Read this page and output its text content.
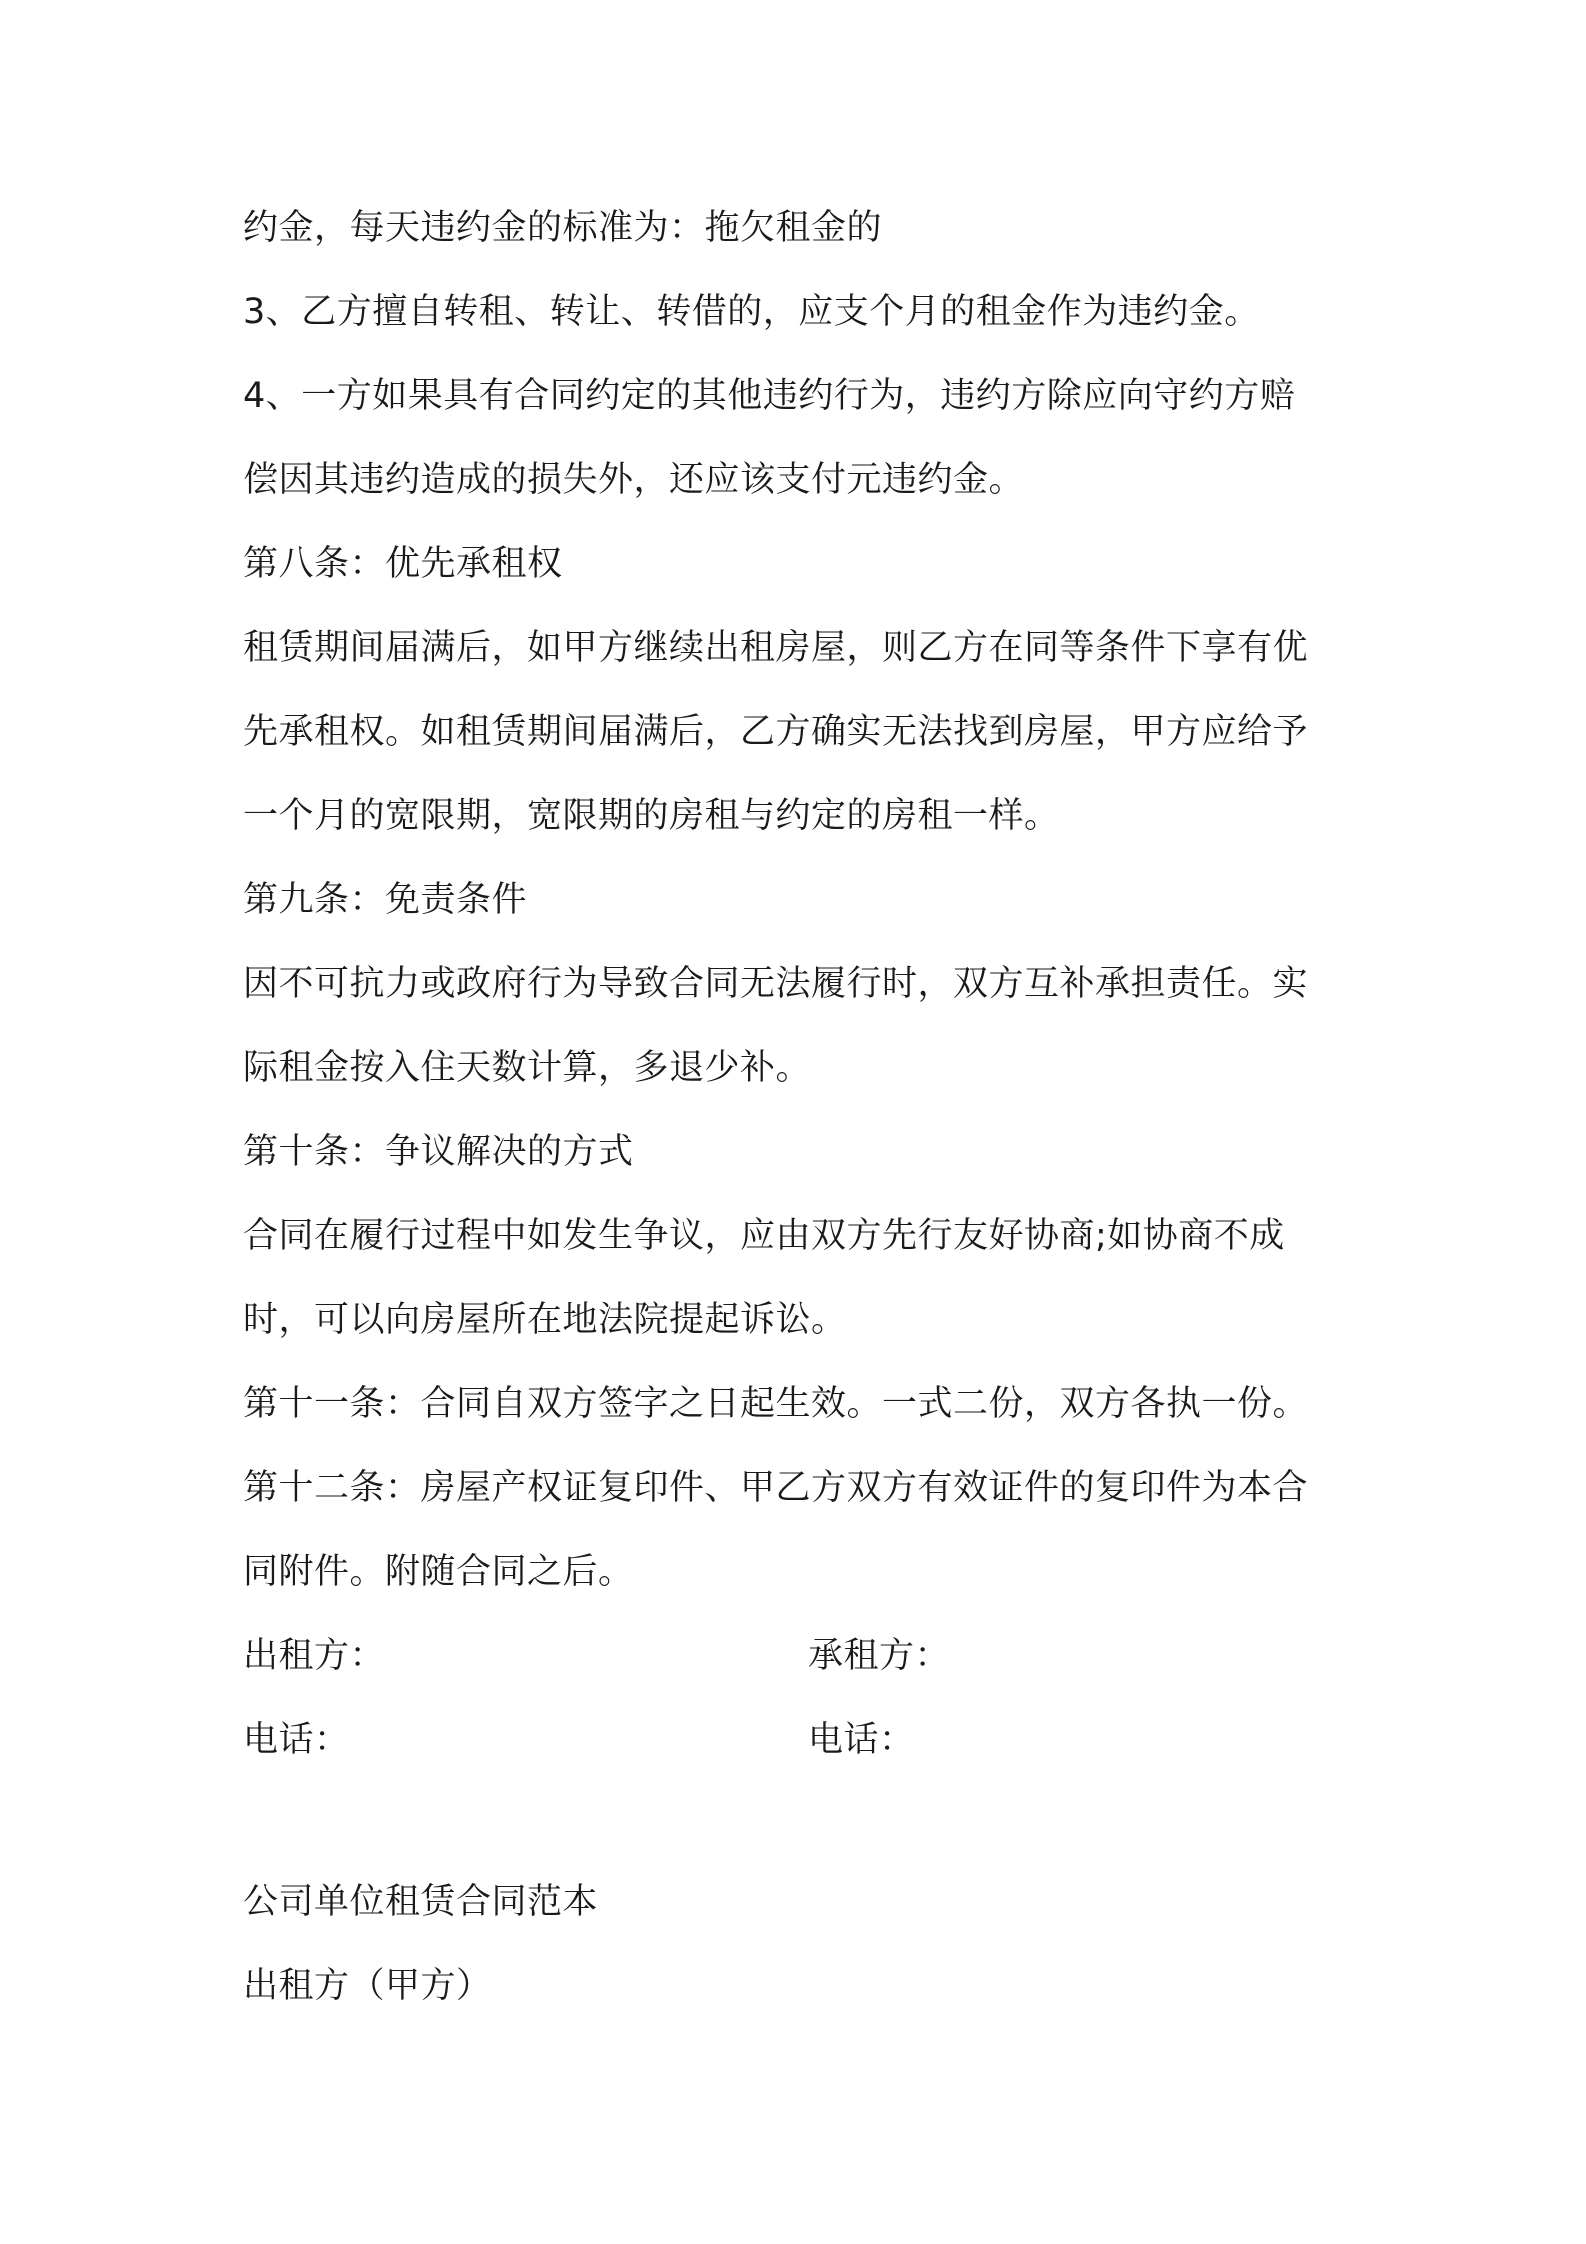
约金，每天违约金的标准为：拖欠租金的
3、乙方擅自转租、转让、转借的，应支个月的租金作为违约金。
4、一方如果具有合同约定的其他违约行为，违约方除应向守约方赔
偿因其违约造成的损失外，还应该支付元违约金。
第八条：优先承租权
租赁期间届满后，如甲方继续出租房屋，则乙方在同等条件下享有优
先承租权。如租赁期间届满后，乙方确实无法找到房屋，甲方应给予
一个月的宽限期，宽限期的房租与约定的房租一样。
第九条：免责条件
因不可抗力或政府行为导致合同无法履行时，双方互补承担责任。实
际租金按入住天数计算，多退少补。
第十条：争议解决的方式
合同在履行过程中如发生争议，应由双方先行友好协商;如协商不成
时，可以向房屋所在地法院提起诉讼。
第十一条：合同自双方签字之日起生效。一式二份，双方各执一份。
第十二条：房屋产权证复印件、甲乙方双方有效证件的复印件为本合
同附件。附随合同之后。
出租方：	承租方：
电话：	电话：
公司单位租赁合同范本
出租方（甲方）
